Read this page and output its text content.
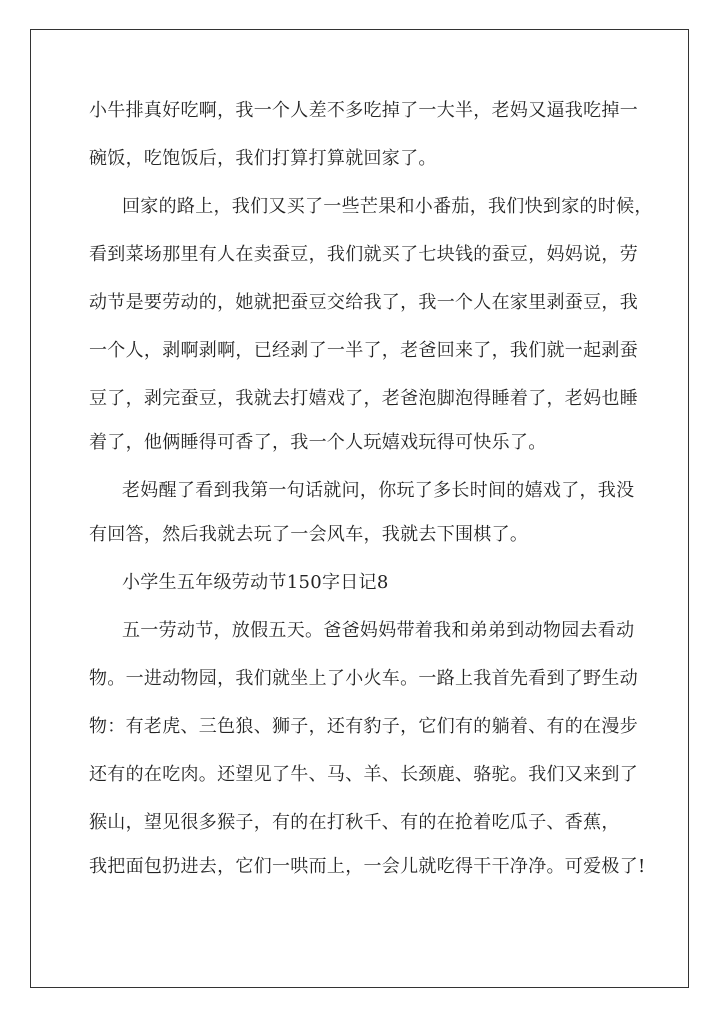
小牛排真好吃啊，我一个人差不多吃掉了一大半，老妈又逼我吃掉一
碗饭，吃饱饭后，我们打算打算就回家了。
回家的路上，我们又买了一些芒果和小番茄，我们快到家的时候，
看到菜场那里有人在卖蚕豆，我们就买了七块钱的蚕豆，妈妈说，劳
动节是要劳动的，她就把蚕豆交给我了，我一个人在家里剥蚕豆，我
一个人，剥啊剥啊，已经剥了一半了，老爸回来了，我们就一起剥蚕
豆了，剥完蚕豆，我就去打嬉戏了，老爸泡脚泡得睡着了，老妈也睡
着了，他俩睡得可香了，我一个人玩嬉戏玩得可快乐了。
老妈醒了看到我第一句话就问，你玩了多长时间的嬉戏了，我没
有回答，然后我就去玩了一会风车，我就去下围棋了。
小学生五年级劳动节150字日记8
五一劳动节，放假五天。爸爸妈妈带着我和弟弟到动物园去看动
物。一进动物园，我们就坐上了小火车。一路上我首先看到了野生动
物：有老虎、三色狼、狮子，还有豹子，它们有的躺着、有的在漫步
还有的在吃肉。还望见了牛、马、羊、长颈鹿、骆驼。我们又来到了
猴山，望见很多猴子，有的在打秋千、有的在抢着吃瓜子、香蕉，
我把面包扔进去，它们一哄而上，一会儿就吃得干干净净。可爱极了!
